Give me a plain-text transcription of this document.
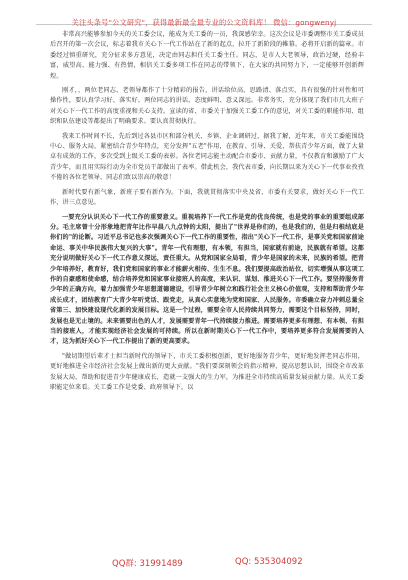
关注头条号"公文研究"，获得最新最全最专业的公文资料库！ 微信：gongwenyj

非常高兴能够参加今天的关工委会议，能成为关工委的一员，我深感荣幸。这次会议是市委调整市关工委成员后召开的第一次会议，标志着我市关心下一代工作站在了新的起点，拉开了新阶段的帷幕。必将开启新的篇章。市委经过慎重研究，充分征求多方意见，决定由同志担任关工委主任。同志，是市人大老领导，政治过硬，经验丰富，威望高、能力强、有热情，相信关工委多项工作在同志的带领下，在大家的共同努力下，一定能够开创新辉煌。

刚才，、两位老同志、老领导都作了十分精彩的报告，讲话给位高、思路清、落点实，具有很强的针对性和可操作性，要认真学习好、落实好。两位同志的讲话，态度鲜明、意义深远。非常务实，充分体现了我们市几大班子对关心下一代工作的高度重视和关心支持。宣读的省、市委关于加强关工委工作的意见，对关工委的职能作用、组织和队伍建设等都提出了明确要求。要认真贯彻执行。

我来工作时间不长，先后到过各县市区和部分机关、乡镇、企业调研过，据我了解，近年来，市关工委能围绕中心、服务大局，紧密结合青少年特点，充分发挥"五老"作用，在教育、引导、关爱、帮扶青少年方面，做了大量卓有成效的工作，多次受到上级关工委的表彰。各位老同志能主动配合市委市、贡献力量，不仅教育和激励了广大青少年，而且用实际行动为全市党员干部做出了表率。借此机会，我代表市委，向长期以来为关心下一代事业孜孜不倦的各位老领导、同志们致以崇高的敬意！

新时代要有新气象，新班子要有新作为。下面，我就贯彻落实中央及省、市委有关要求，做好关心下一代工作，讲三点意见。

一要充分认识关心下一代工作的重要意义。重视培养下一代工作是党的优良传统，也是党的事业的重要组成部分。毛主席曾十分形象地把青年比作早晨八九点钟的太阳，提出了"世界是你们的，也是我们的，但是归根结底是你们的"的论断。习近平总书记也多次强调关心下一代工作的重要性，指出"关心下一代工作，是事关党和国家前途命运、事关中华民族伟大复兴的大事"。青年一代有理想，有本领，有担当，国家就有前途，民族就有希望。这都充分说明做好关心下一代工作意义深远，责任重大。从党和国家全局看，青少年是国家的未来，民族的希望。把青少年培养好，教育好，我们党和国家的事业才能薪火相传、生生不息。我们要提高政治站位，切实增强从事这项工作的自豪感和使命感，结合培养党和国家事业接班人的高度，来认识、谋划、推进关心下一代工作。要坚持服务青少年的正确方向，着力加强青少年思想道德建设，引导青少年树立和践行社会主义核心价值观，支持和帮助青少年成长成才，团结教育广大青少年听党话、跟党走，从真心实意地为党和国家、人民服务。市委确立奋力冲刺总量全省第三、加快建设现代化新的发展目标。这是一个过程，需要全市人民持续共同努力，需要这个目标坚持，同时，发展也是无止境的。未来需要出色的人才，发展需要青年一代持续接力推进。需要培养更多有理想、有本领、有担当的接班人，才能实现经济社会发展的可持续。所以在新时期关心下一代工作中，要培养更多符合发展需要的人才，这为抓好关心下一代工作提出了新的更高要求。

"做切期望后辈才士担当新时代的领导下，市关工委积极创新，更好地服务青少年，更好地发挥老同志作用，更好地推进全市经济社会发展上做出新的更大贡献。"我们要深刻领会的指示精神，提高思想认识，围绕全市改革发展大局，帮助和促进青少年健康成长，造就一支强大的生力军，为推进全市持续高质量发展贡献力量。从关工委职能定位来看。关工委工作是党委、政府领导下，以

QQ群: 31991489	QQ: 535304092
